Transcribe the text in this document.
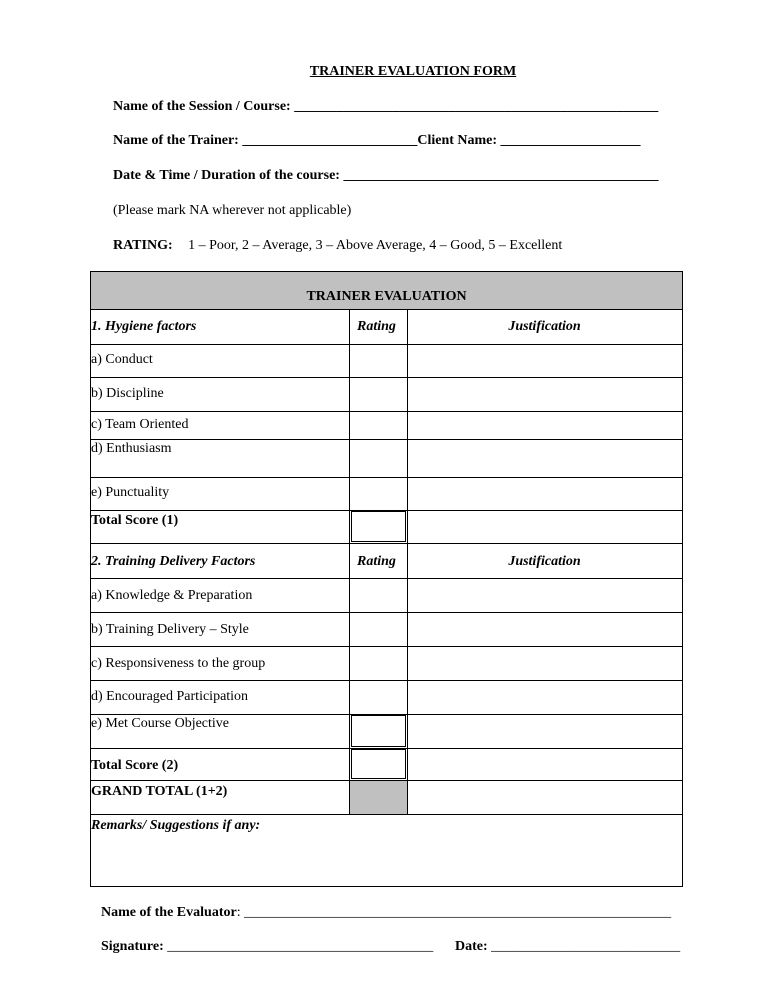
TRAINER EVALUATION FORM
Name of the Session / Course: ____________________________________________________
Name of the Trainer: _________________________Client Name: ____________________
Date & Time / Duration of the course: _____________________________________________
(Please mark NA wherever not applicable)
RATING: 1 – Poor, 2 – Average, 3 – Above Average, 4 – Good, 5 – Excellent
TRAINER EVALUATION
1. Hygiene factors	Rating	Justification
a) Conduct
b) Discipline
c) Team Oriented
d) Enthusiasm
e) Punctuality
Total Score (1)
2. Training Delivery Factors	Rating	Justification
a) Knowledge & Preparation
b) Training Delivery – Style
c) Responsiveness to the group
d) Encouraged Participation
e) Met Course Objective
Total Score (2)
GRAND TOTAL (1+2)
Remarks/ Suggestions if any:
Name of the Evaluator: _____________________________________________________________
Signature: ______________________________________ Date: ___________________________
